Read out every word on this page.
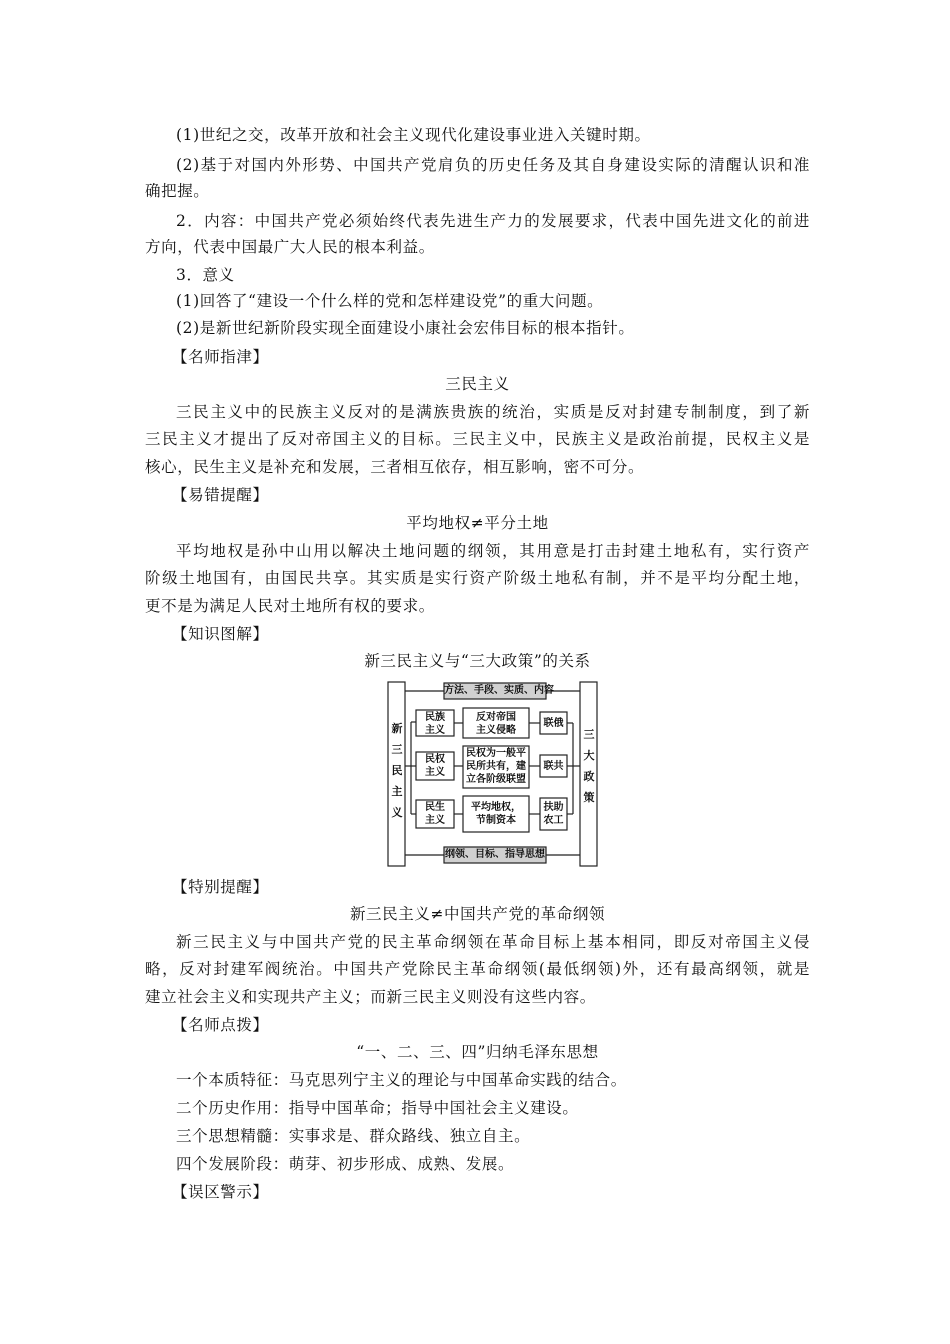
(1)世纪之交，改革开放和社会主义现代化建设事业进入关键时期。
(2)基于对国内外形势、中国共产党肩负的历史任务及其自身建设实际的清醒认识和准
确把握。
2．内容：中国共产党必须始终代表先进生产力的发展要求，代表中国先进文化的前进
方向，代表中国最广大人民的根本利益。
3．意义
(1)回答了“建设一个什么样的党和怎样建设党”的重大问题。
(2)是新世纪新阶段实现全面建设小康社会宏伟目标的根本指针。
【名师指津】
三民主义
三民主义中的民族主义反对的是满族贵族的统治，实质是反对封建专制制度，到了新
三民主义才提出了反对帝国主义的目标。三民主义中，民族主义是政治前提，民权主义是
核心，民生主义是补充和发展，三者相互依存，相互影响，密不可分。
【易错提醒】
平均地权≠平分土地
平均地权是孙中山用以解决土地问题的纲领，其用意是打击封建土地私有，实行资产
阶级土地国有，由国民共享。其实质是实行资产阶级土地私有制，并不是平均分配土地，
更不是为满足人民对土地所有权的要求。
【知识图解】
新三民主义与“三大政策”的关系
方法、手段、实质、内容
纲领、目标、指导思想
新
三
民
主
义
三
大
政
策
民族
主义
反对帝国
主义侵略
联俄
民权
主义
民权为一般平
民所共有，建
立各阶级联盟
联共
民生
主义
平均地权，
节制资本
扶助
农工
【特别提醒】
新三民主义≠中国共产党的革命纲领
新三民主义与中国共产党的民主革命纲领在革命目标上基本相同，即反对帝国主义侵
略，反对封建军阀统治。中国共产党除民主革命纲领(最低纲领)外，还有最高纲领，就是
建立社会主义和实现共产主义；而新三民主义则没有这些内容。
【名师点拨】
“一、二、三、四”归纳毛泽东思想
一个本质特征：马克思列宁主义的理论与中国革命实践的结合。
二个历史作用：指导中国革命；指导中国社会主义建设。
三个思想精髓：实事求是、群众路线、独立自主。
四个发展阶段：萌芽、初步形成、成熟、发展。
【误区警示】
